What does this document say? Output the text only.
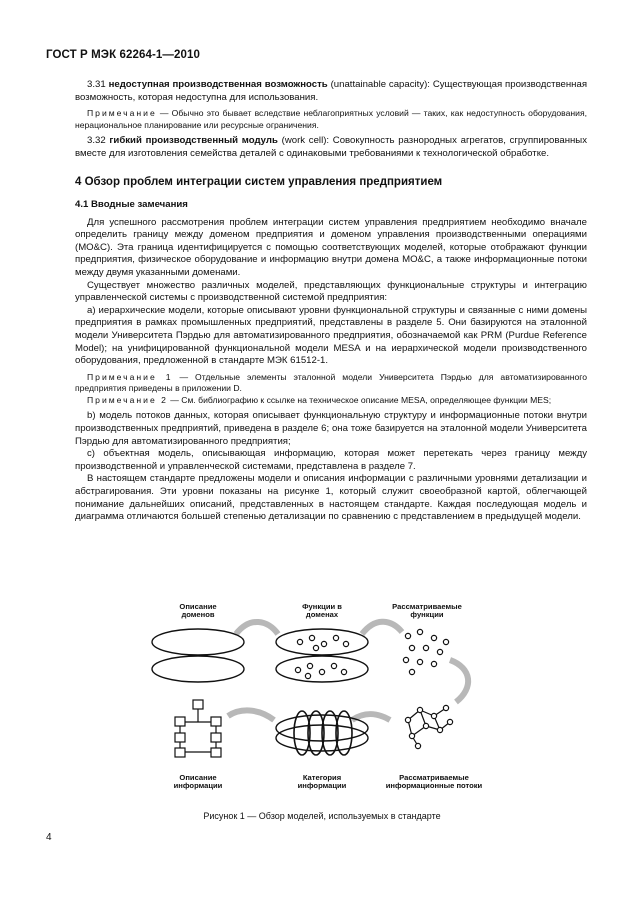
ГОСТ Р МЭК 62264-1—2010

3.31 недоступная производственная возможность (unattainable capacity): Существующая производственная возможность, которая недоступна для использования.

Примечание — Обычно это бывает вследствие неблагоприятных условий — таких, как недоступность оборудования, нерациональное планирование или ресурсные ограничения.

3.32 гибкий производственный модуль (work cell): Совокупность разнородных агрегатов, сгруппированных вместе для изготовления семейства деталей с одинаковыми требованиями к технологической обработке.

4 Обзор проблем интеграции систем управления предприятием
4.1 Вводные замечания

Для успешного рассмотрения проблем интеграции систем управления предприятием необходимо вначале определить границу между доменом предприятия и доменом управления производственными операциями (МО&С). Эта граница идентифицируется с помощью соответствующих моделей, которые отображают функции предприятия, физическое оборудование и информацию внутри домена МО&С, а также информационные потоки между двумя указанными доменами.

Существует множество различных моделей, представляющих функциональные структуры и интеграцию управленческой системы с производственной системой предприятия:

a) иерархические модели, которые описывают уровни функциональной структуры и связанные с ними домены предприятия в рамках промышленных предприятий, представлены в разделе 5. Они базируются на эталонной модели Университета Пэрдью для автоматизированного предприятия, обозначаемой как PRM (Purdue Reference Model); на унифицированной функциональной модели MESA и на иерархической модели производственного оборудования, предложенной в стандарте МЭК 61512-1.

Примечание 1 — Отдельные элементы эталонной модели Университета Пэрдью для автоматизированного предприятия приведены в приложении D.

Примечание 2 — См. библиографию к ссылке на техническое описание MESA, определяющее функции MES;

b) модель потоков данных, которая описывает функциональную структуру и информационные потоки внутри производственных предприятий, приведена в разделе 6; она тоже базируется на эталонной модели Университета Пэрдью для автоматизированного предприятия;

c) объектная модель, описывающая информацию, которая может перетекать через границу между производственной и управленческой системами, представлена в разделе 7.

В настоящем стандарте предложены модели и описания информации с различными уровнями детализации и абстрагирования. Эти уровни показаны на рисунке 1, который служит своеобразной картой, облегчающей понимание дальнейших описаний, представленных в настоящем стандарте. Каждая последующая модель и диаграмма отличаются большей степенью детализации по сравнению с представлением в предыдущей модели.

Описание доменов
Функции в доменах
Рассматриваемые функции
Описание информации
Категория информации
Рассматриваемые информационные потоки
Рисунок 1 — Обзор моделей, используемых в стандарте
4
